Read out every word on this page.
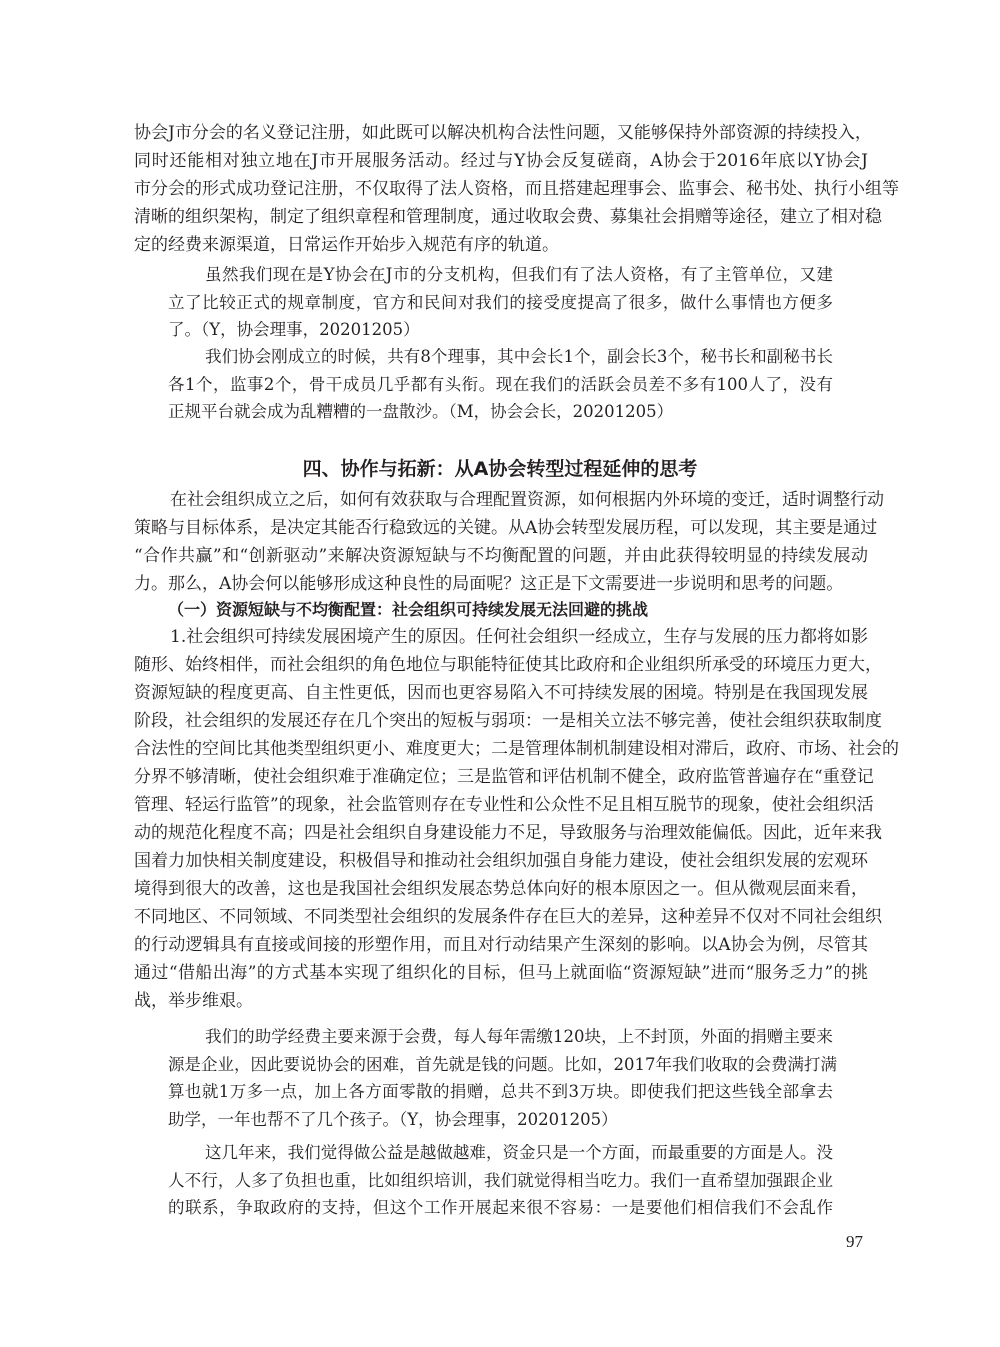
协会J市分会的名义登记注册，如此既可以解决机构合法性问题，又能够保持外部资源的持续投入，
同时还能相对独立地在J市开展服务活动。经过与Y协会反复磋商，A协会于2016年底以Y协会J
市分会的形式成功登记注册，不仅取得了法人资格，而且搭建起理事会、监事会、秘书处、执行小组等
清晰的组织架构，制定了组织章程和管理制度，通过收取会费、募集社会捐赠等途径，建立了相对稳
定的经费来源渠道，日常运作开始步入规范有序的轨道。
虽然我们现在是Y协会在J市的分支机构，但我们有了法人资格，有了主管单位，又建
立了比较正式的规章制度，官方和民间对我们的接受度提高了很多，做什么事情也方便多
了。（Y，协会理事，20201205）
我们协会刚成立的时候，共有8个理事，其中会长1个，副会长3个，秘书长和副秘书长
各1个，监事2个，骨干成员几乎都有头衔。现在我们的活跃会员差不多有100人了，没有
正规平台就会成为乱糟糟的一盘散沙。（M，协会会长，20201205）
四、协作与拓新：从A协会转型过程延伸的思考
在社会组织成立之后，如何有效获取与合理配置资源，如何根据内外环境的变迁，适时调整行动
策略与目标体系，是决定其能否行稳致远的关键。从A协会转型发展历程，可以发现，其主要是通过
“合作共赢”和“创新驱动”来解决资源短缺与不均衡配置的问题，并由此获得较明显的持续发展动
力。那么，A协会何以能够形成这种良性的局面呢？这正是下文需要进一步说明和思考的问题。
（一）资源短缺与不均衡配置：社会组织可持续发展无法回避的挑战
1.社会组织可持续发展困境产生的原因。任何社会组织一经成立，生存与发展的压力都将如影
随形、始终相伴，而社会组织的角色地位与职能特征使其比政府和企业组织所承受的环境压力更大，
资源短缺的程度更高、自主性更低，因而也更容易陷入不可持续发展的困境。特别是在我国现发展
阶段，社会组织的发展还存在几个突出的短板与弱项：一是相关立法不够完善，使社会组织获取制度
合法性的空间比其他类型组织更小、难度更大；二是管理体制机制建设相对滞后，政府、市场、社会的
分界不够清晰，使社会组织难于准确定位；三是监管和评估机制不健全，政府监管普遍存在“重登记
管理、轻运行监管”的现象，社会监管则存在专业性和公众性不足且相互脱节的现象，使社会组织活
动的规范化程度不高；四是社会组织自身建设能力不足，导致服务与治理效能偏低。因此，近年来我
国着力加快相关制度建设，积极倡导和推动社会组织加强自身能力建设，使社会组织发展的宏观环
境得到很大的改善，这也是我国社会组织发展态势总体向好的根本原因之一。但从微观层面来看，
不同地区、不同领域、不同类型社会组织的发展条件存在巨大的差异，这种差异不仅对不同社会组织
的行动逻辑具有直接或间接的形塑作用，而且对行动结果产生深刻的影响。以A协会为例，尽管其
通过“借船出海”的方式基本实现了组织化的目标，但马上就面临“资源短缺”进而“服务乏力”的挑
战，举步维艰。
我们的助学经费主要来源于会费，每人每年需缴120块，上不封顶，外面的捐赠主要来
源是企业，因此要说协会的困难，首先就是钱的问题。比如，2017年我们收取的会费满打满
算也就1万多一点，加上各方面零散的捐赠，总共不到3万块。即使我们把这些钱全部拿去
助学，一年也帮不了几个孩子。（Y，协会理事，20201205）
这几年来，我们觉得做公益是越做越难，资金只是一个方面，而最重要的方面是人。没
人不行，人多了负担也重，比如组织培训，我们就觉得相当吃力。我们一直希望加强跟企业
的联系，争取政府的支持，但这个工作开展起来很不容易：一是要他们相信我们不会乱作
97
